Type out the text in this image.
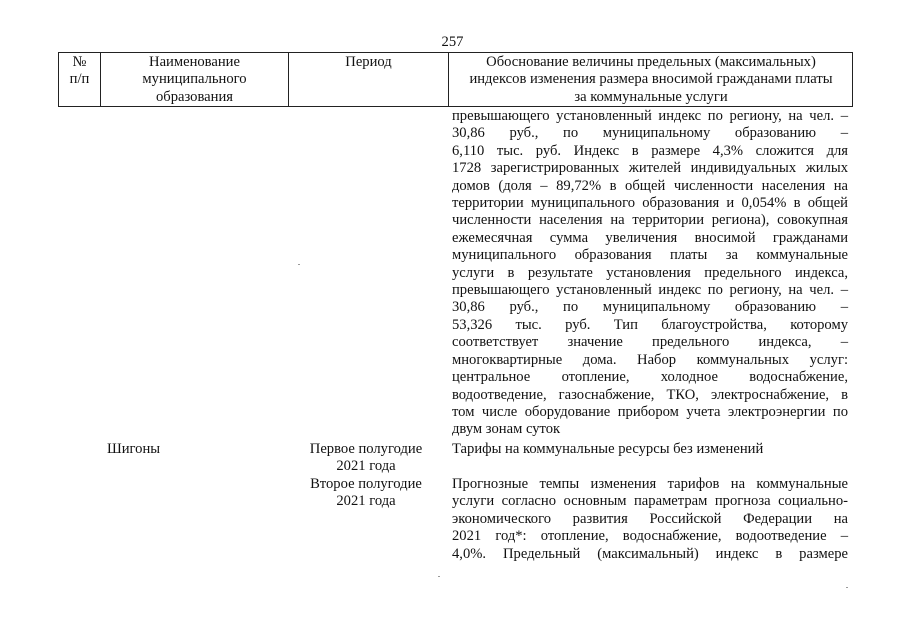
257
№
п/п
Наименование
муниципального
образования
Период	Обоснование величины предельных (максимальных)
индексов изменения размера вносимой гражданами платы
за коммунальные услуги
превышающего установленный индекс по региону, на чел. –
30,86 руб., по муниципальному образованию –
6,110 тыс. руб. Индекс в размере 4,3% сложится для
1728 зарегистрированных жителей индивидуальных жилых
домов (доля – 89,72% в общей численности населения на
территории муниципального образования и 0,054% в общей
численности населения на территории региона), совокупная
ежемесячная сумма увеличения вносимой гражданами
муниципального образования платы за коммунальные
услуги в результате установления предельного индекса,
превышающего установленный индекс по региону, на чел. –
30,86 руб., по муниципальному образованию –
53,326 тыс. руб. Тип благоустройства, которому
соответствует значение предельного индекса, –
многоквартирные дома. Набор коммунальных услуг:
центральное отопление, холодное водоснабжение,
водоотведение, газоснабжение, ТКО, электроснабжение, в
том числе оборудование прибором учета электроэнергии по
двум зонам суток
Шигоны	Первое полугодие
2021 года
Тарифы на коммунальные ресурсы без изменений
Второе полугодие
2021 года
Прогнозные темпы изменения тарифов на коммунальные
услуги согласно основным параметрам прогноза социально-
экономического развития Российской Федерации на
2021 год*: отопление, водоснабжение, водоотведение –
4,0%. Предельный (максимальный) индекс в размере
